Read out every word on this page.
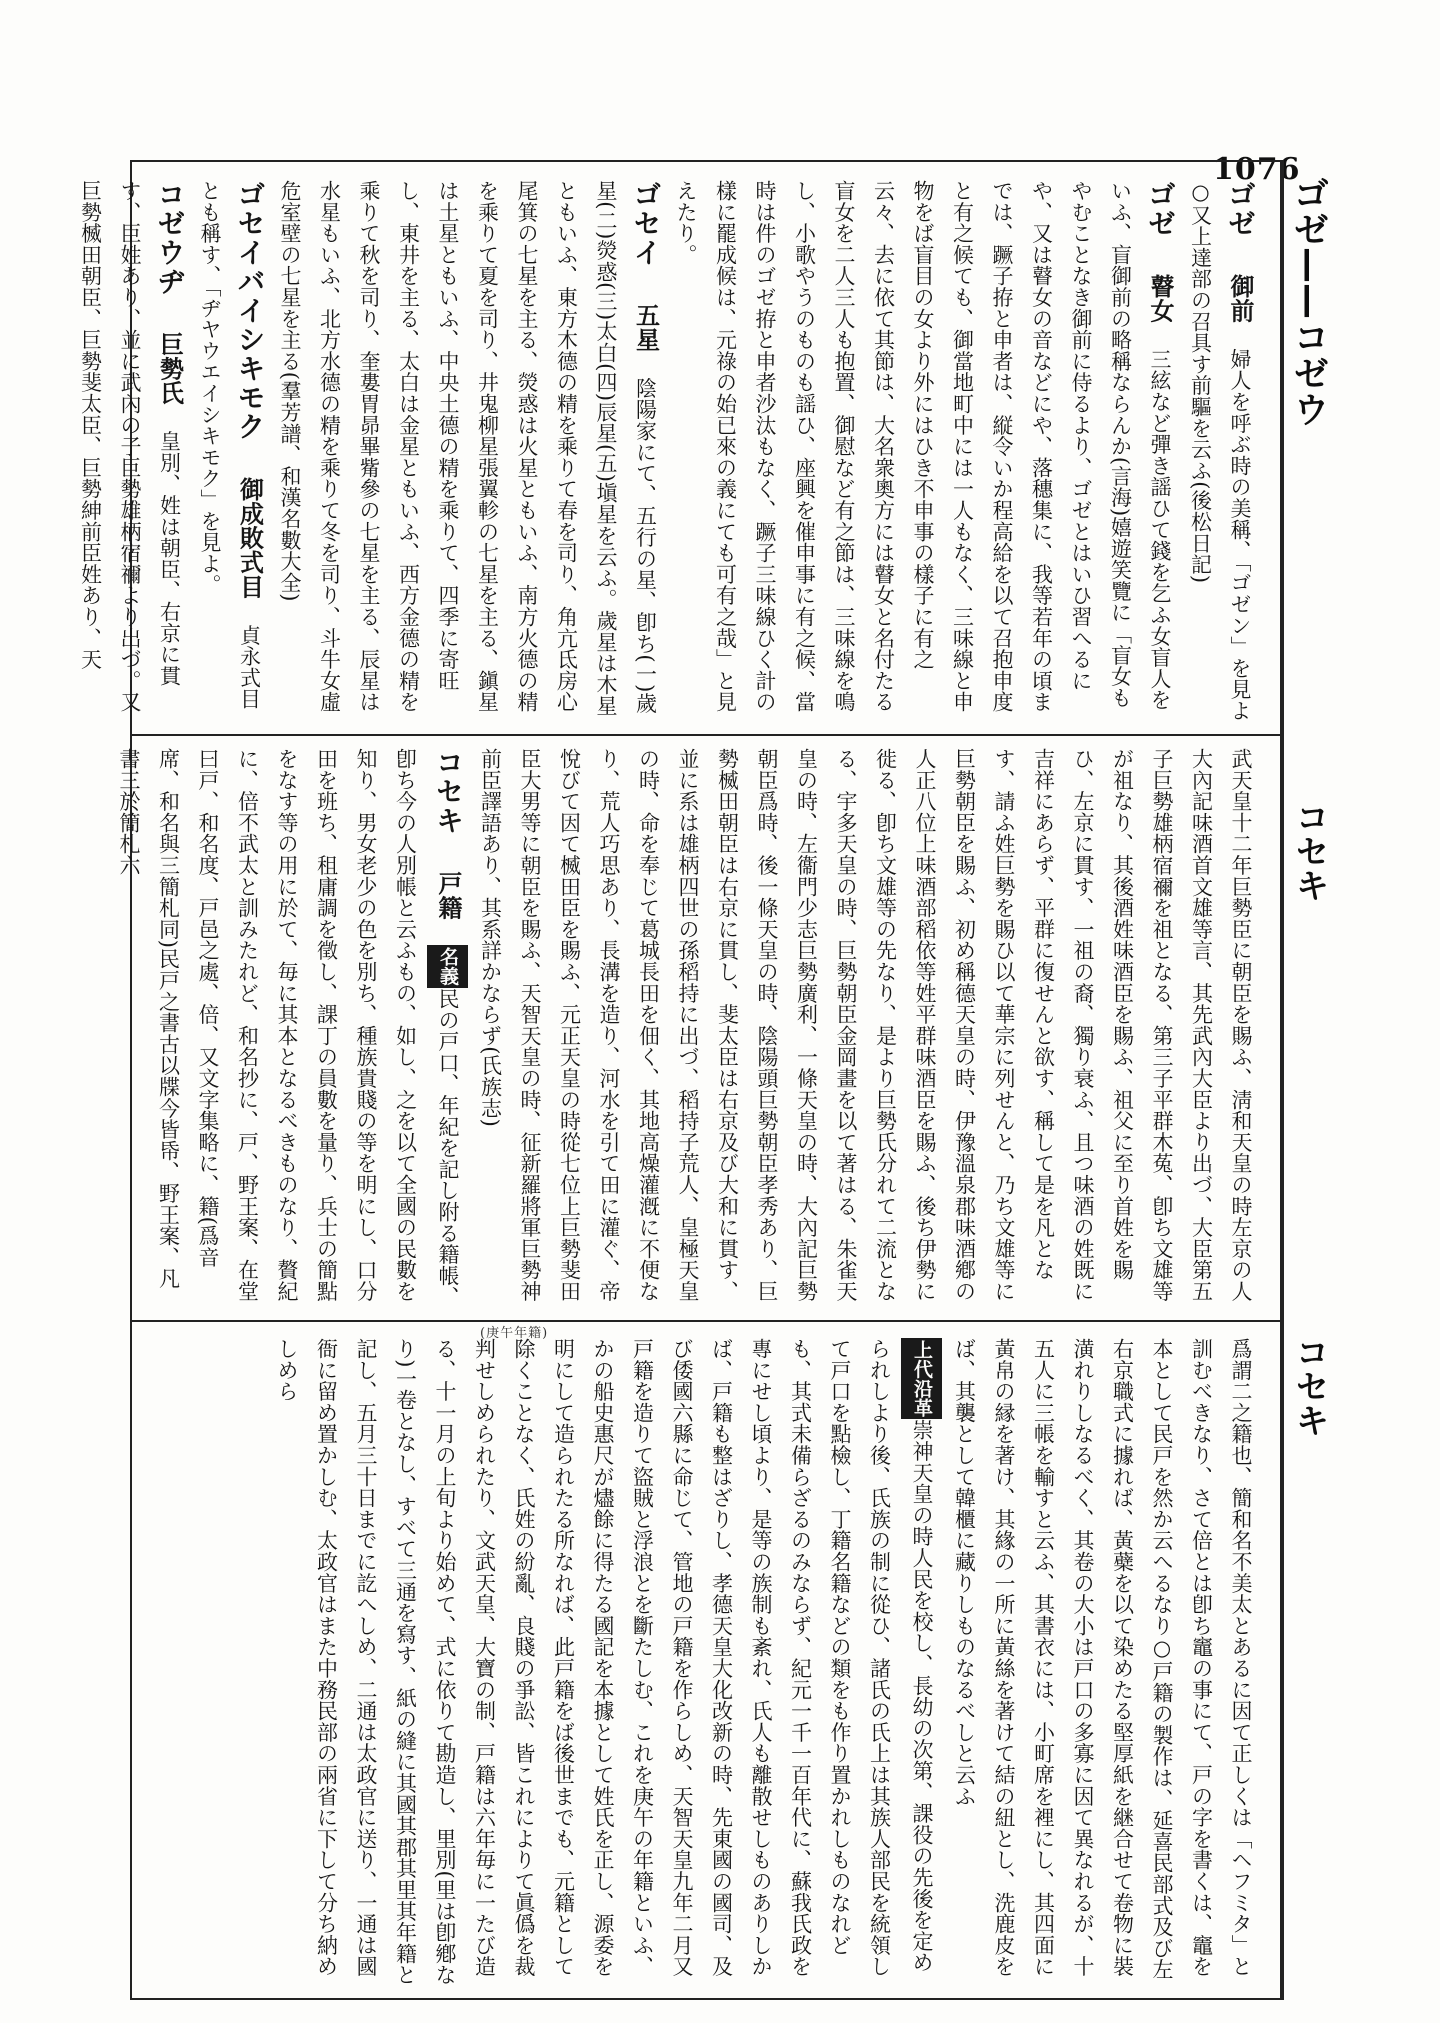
1076
ゴゼ——コゼウ
コセキ
コセキ
(庚午年籍)

ゴゼ　御前　婦人を呼ぶ時の美稱、「ゴゼン」を見よ○又上達部の召具す前驅を云ふ(後松日記)

ゴゼ　瞽女　三絃など彈き謡ひて錢を乞ふ女盲人をいふ、盲御前の略稱ならんか(言海)嬉遊笑覽に「盲女もやむことなき御前に侍るより、ゴゼとはいひ習へるにや、又は瞽女の音などにや、落穗集に、我等若年の頃までは、蹶子拵と申者は、縦令いか程高給を以て召抱申度と有之候ても、御當地町中には一人もなく、三味線と申物をば盲目の女より外にはひき不申事の樣子に有之云々、去に依て其節は、大名衆奧方には瞽女と名付たる盲女を二人三人も抱置、御慰など有之節は、三味線を鳴し、小歌やうのものも謡ひ、座興を催申事に有之候、當時は件のゴゼ拵と申者沙汰もなく、蹶子三味線ひく計の樣に罷成候は、元祿の始已來の義にても可有之哉」と見えたり。

ゴセイ　五星　陰陽家にて、五行の星、卽ち(一)歲星(二)熒惑(三)太白(四)辰星(五)塡星を云ふ。歲星は木星ともいふ、東方木德の精を乘りて春を司り、角亢氐房心尾箕の七星を主る、熒惑は火星ともいふ、南方火德の精を乘りて夏を司り、井鬼柳星張翼軫の七星を主る、鎭星は土星ともいふ、中央土德の精を乘りて、四季に寄旺し、東井を主る、太白は金星ともいふ、西方金德の精を乘りて秋を司り、奎婁胃昴畢觜參の七星を主る、辰星は水星もいふ、北方水德の精を乘りて冬を司り、斗牛女虛危室壁の七星を主る(羣芳譜、和漢名數大全)

ゴセイバイシキモク　御成敗式目　貞永式目とも稱す、「ヂヤウエイシキモク」を見よ。

コゼウヂ　巨勢氏　皇別、姓は朝臣、右京に貫す、臣姓あり、並に武內の子巨勢雄柄宿禰より出づ。又巨勢楲田朝臣、巨勢斐太臣、巨勢紳前臣姓あり、天

武天皇十二年巨勢臣に朝臣を賜ふ、淸和天皇の時左京の人大內記味酒首文雄等言、其先武內大臣より出づ、大臣第五子巨勢雄柄宿禰を祖となる、第三子平群木菟、卽ち文雄等が祖なり、其後酒姓味酒臣を賜ふ、祖父に至り首姓を賜ひ、左京に貫す、一祖の裔、獨り衰ふ、且つ味酒の姓既に吉祥にあらず、平群に復せんと欲す、稱して是を凡となす、請ふ姓巨勢を賜ひ以て華宗に列せんと、乃ち文雄等に巨勢朝臣を賜ふ、初め稱德天皇の時、伊豫溫泉郡味酒鄕の人正八位上味酒部稻依等姓平群味酒臣を賜ふ、後ち伊勢に徙る、卽ち文雄等の先なり、是より巨勢氏分れて二流となる、宇多天皇の時、巨勢朝臣金岡畫を以て著はる、朱雀天皇の時、左衞門少志巨勢廣利、一條天皇の時、大內記巨勢朝臣爲時、後一條天皇の時、陰陽頭巨勢朝臣孝秀あり、巨勢楲田朝臣は右京に貫し、斐太臣は右京及び大和に貫す、並に系は雄柄四世の孫稻持に出づ、稻持子荒人、皇極天皇の時、命を奉じて葛城長田を佃く、其地高燥灌漑に不便なり、荒人巧思あり、長溝を造り、河水を引て田に灌ぐ、帝悅びて因て楲田臣を賜ふ、元正天皇の時從七位上巨勢斐田臣大男等に朝臣を賜ふ、天智天皇の時、征新羅將軍巨勢神前臣譯語あり、其系詳かならず(氏族志)

コセキ　戸籍　名義民の戸口、年紀を記し附る籍帳、卽ち今の人別帳と云ふもの、如し、之を以て全國の民數を知り、男女老少の色を別ち、種族貴賤の等を明にし、口分田を班ち、租庸調を徵し、課丁の員數を量り、兵士の簡點をなす等の用に於て、毎に其本となるべきものなり、贅紀に、倍不武太と訓みたれど、和名抄に、戸、野王案、在堂曰戸、和名度、戸邑之處、倍、又文字集略に、籍(爲音席、和名與三簡札同)民戸之書古以牒今皆帋、野王案、凡書三於簡札六

爲謂二之籍也、簡和名不美太とあるに因て正しくは「ヘフミタ」と訓むべきなり、さて倍とは卽ち竈の事にて、戸の字を書くは、竈を本として民戸を然か云へるなり○戸籍の製作は、延喜民部式及び左右京職式に據れば、黃蘗を以て染めたる堅厚紙を継合せて卷物に裝潢れりしなるべく、其卷の大小は戸口の多寡に因て異なれるが、十五人に三帳を輸すと云ふ、其書衣には、小町席を裡にし、其四面に黃帛の縁を著け、其緣の一所に黃絲を著けて結の紐とし、洗鹿皮をば、其襲として韓櫃に藏りしものなるべしと云ふ

上代沿革崇神天皇の時人民を校し、長幼の次第、課役の先後を定められしより後、氏族の制に從ひ、諸氏の氏上は其族人部民を統領して戸口を點檢し、丁籍名籍などの類をも作り置かれしものなれども、其式未備らざるのみならず、紀元一千一百年代に、蘇我氏政を專にせし頃より、是等の族制も紊れ、氏人も離散せしものありしかば、戸籍も整はざりし、孝德天皇大化改新の時、先東國の國司、及び倭國六縣に命じて、管地の戸籍を作らしめ、天智天皇九年二月又戸籍を造りて盜賊と浮浪とを斷たしむ、これを庚午の年籍といふ、かの船史惠尺が燼餘に得たる國記を本據として姓氏を正し、源委を明にして造られたる所なれば、此戸籍をば後世までも、元籍として除くことなく、氏姓の紛亂、良賤の爭訟、皆これによりて眞僞を裁判せしめられたり、文武天皇、大寶の制、戸籍は六年毎に一たび造る、十一月の上旬より始めて、式に依りて勘造し、里別(里は卽鄕なり)一卷となし、すべて三通を寫す、紙の縫に其國其郡其里其年籍と記し、五月三十日までに訖へしめ、二通は太政官に送り、一通は國衙に留め置かしむ、太政官はまた中務民部の兩省に下して分ち納めしめら
